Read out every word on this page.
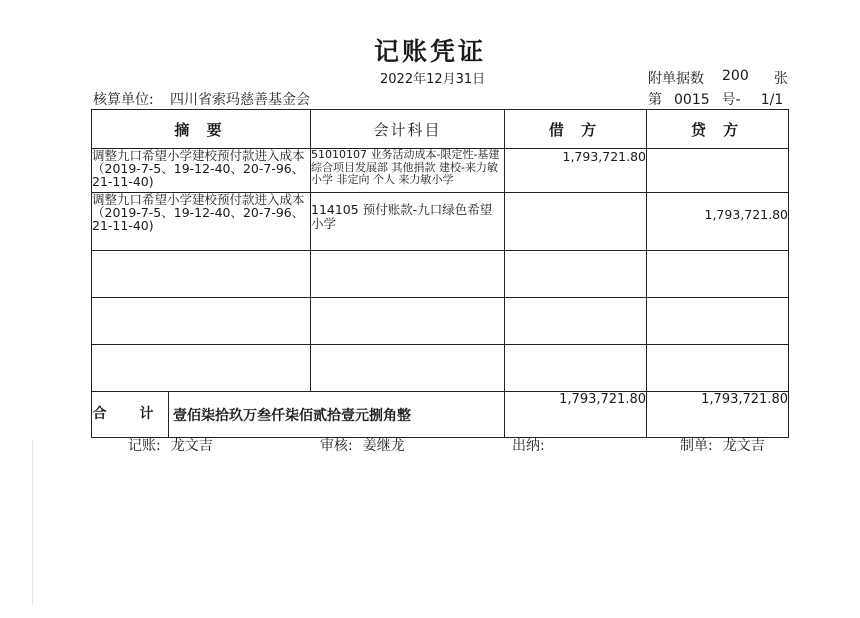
记账凭证
2022年12月31日	附单据数 200 张
核算单位: 四川省索玛慈善基金会	第 0015 号- 1/1
摘 要	会计科目	借 方	贷 方
调整九口希望小学建校预付款进入成本（2019-7-5、19-12-40、20-7-96、21-11-40)	51010107 业务活动成本-限定性-基建综合项目发展部 其他捐款 建校-来力敏小学 非定向 个人 来力敏小学	1,793,721.80	
调整九口希望小学建校预付款进入成本（2019-7-5、19-12-40、20-7-96、21-11-40)	114105 预付账款-九口绿色希望小学		1,793,721.80

合 计 壹佰柒拾玖万叁仟柒佰贰拾壹元捌角整		1,793,721.80	1,793,721.80
记账: 龙文吉	审核: 姜继龙	出纳:	制单: 龙文吉
